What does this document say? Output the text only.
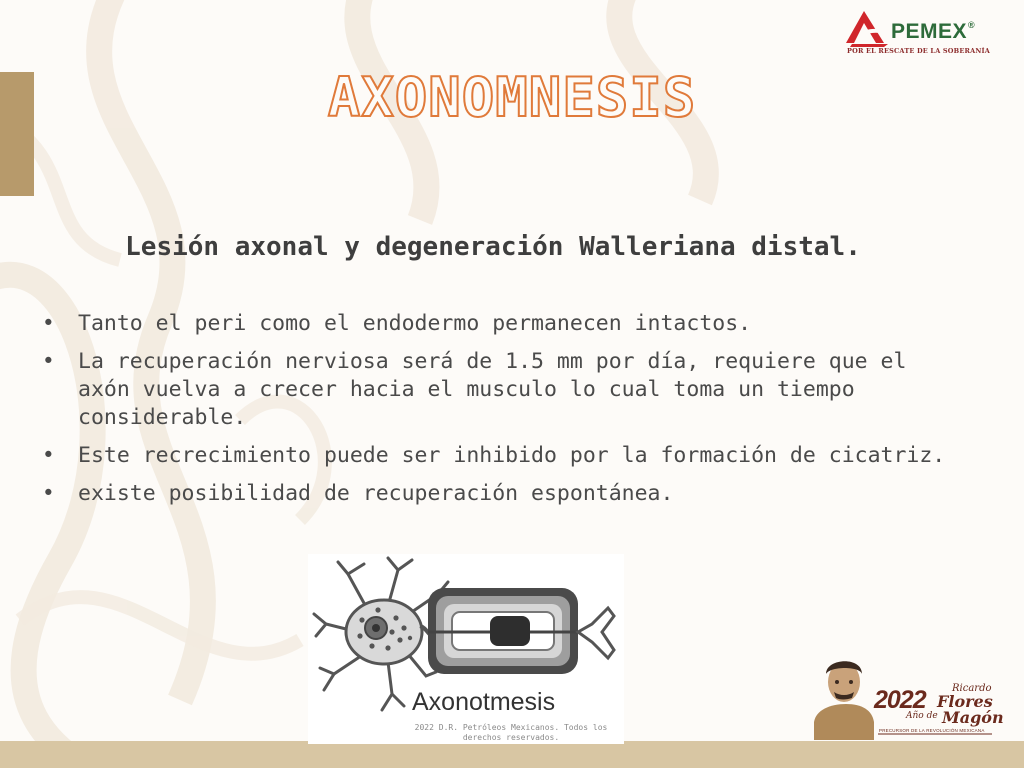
PEMEX®
POR EL RESCATE DE LA SOBERANÍA
AXONOMNESIS
Lesión axonal y degeneración Walleriana distal.
• Tanto el peri como el endodermo permanecen intactos.
• La recuperación nerviosa será de 1.5 mm por día, requiere que el axón vuelva a crecer hacia el musculo lo cual toma un tiempo considerable.
• Este recrecimiento puede ser inhibido por la formación de cicatriz.
• existe posibilidad de recuperación espontánea.
Axonotmesis
2022 D.R. Petróleos Mexicanos. Todos los derechos reservados.
2022	Ricardo
Flores
Año de Magón
PRECURSOR DE LA REVOLUCIÓN MEXICANA
